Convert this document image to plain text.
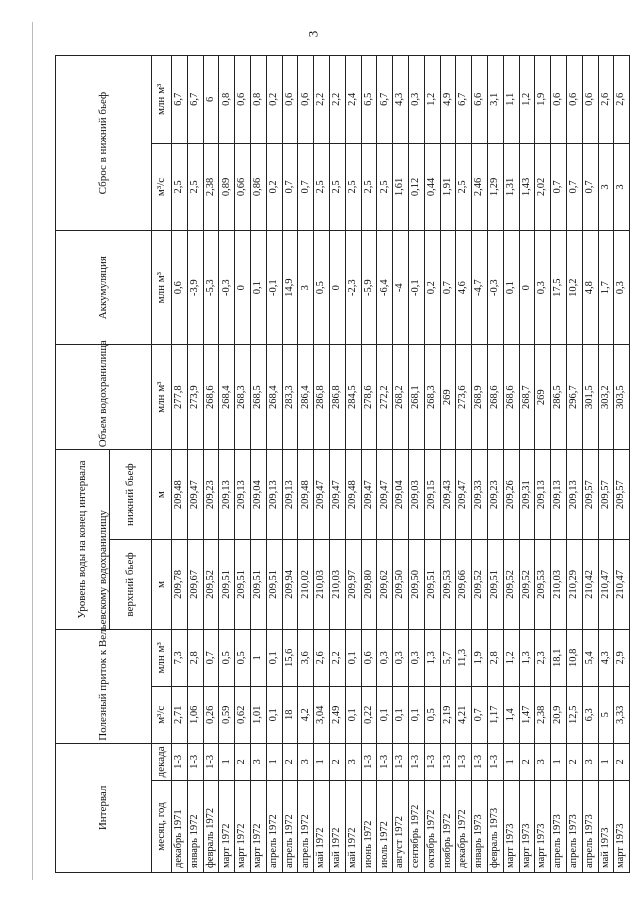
3
Интервал		Полезный приток к Вельевскому водохранилищу		Уровень воды на конец интервала		Объем водохранилища	Аккумуляция	Сброс в нижний бьеф	
				верхний бьеф	нижний бьеф				
месяц, год	декада	м³/с	млн м³	м	м	млн м³	млн м³	м³/с	млн м³
декабрь 1971	1-3	2,71	7,3	209,78	209,48	277,8	0,6	2,5	6,7
январь 1972	1-3	1,06	2,8	209,67	209,47	273,9	-3,9	2,5	6,7
февраль 1972	1-3	0,26	0,7	209,52	209,23	268,6	-5,3	2,38	6
март 1972	1	0,59	0,5	209,51	209,13	268,4	-0,3	0,89	0,8
март 1972	2	0,62	0,5	209,51	209,13	268,3	0	0,66	0,6
март 1972	3	1,01	1	209,51	209,04	268,5	0,1	0,86	0,8
апрель 1972	1	0,1	0,1	209,51	209,13	268,4	-0,1	0,2	0,2
апрель 1972	2	18	15,6	209,94	209,13	283,3	14,9	0,7	0,6
апрель 1972	3	4,2	3,6	210,02	209,48	286,4	3	0,7	0,6
май 1972	1	3,04	2,6	210,03	209,47	286,8	0,5	2,5	2,2
май 1972	2	2,49	2,2	210,03	209,47	286,8	0	2,5	2,2
май 1972	3	0,1	0,1	209,97	209,48	284,5	-2,3	2,5	2,4
июнь 1972	1-3	0,22	0,6	209,80	209,47	278,6	-5,9	2,5	6,5
июль 1972	1-3	0,1	0,3	209,62	209,47	272,2	-6,4	2,5	6,7
август 1972	1-3	0,1	0,3	209,50	209,04	268,2	-4	1,61	4,3
сентябрь 1972	1-3	0,1	0,3	209,50	209,03	268,1	-0,1	0,12	0,3
октябрь 1972	1-3	0,5	1,3	209,51	209,15	268,3	0,2	0,44	1,2
ноябрь 1972	1-3	2,19	5,7	209,53	209,43	269	0,7	1,91	4,9
декабрь 1972	1-3	4,21	11,3	209,66	209,47	273,6	4,6	2,5	6,7
январь 1973	1-3	0,7	1,9	209,52	209,33	268,9	-4,7	2,46	6,6
февраль 1973	1-3	1,17	2,8	209,51	209,23	268,6	-0,3	1,29	3,1
март 1973	1	1,4	1,2	209,52	209,26	268,6	0,1	1,31	1,1
март 1973	2	1,47	1,3	209,52	209,31	268,7	0	1,43	1,2
март 1973	3	2,38	2,3	209,53	209,13	269	0,3	2,02	1,9
апрель 1973	1	20,9	18,1	210,03	209,13	286,5	17,5	0,7	0,6
апрель 1973	2	12,5	10,8	210,29	209,13	296,7	10,2	0,7	0,6
апрель 1973	3	6,3	5,4	210,42	209,57	301,5	4,8	0,7	0,6
май 1973	1	5	4,3	210,47	209,57	303,2	1,7	3	2,6
март 1973	2	3,33	2,9	210,47	209,57	303,5	0,3	3	2,6
